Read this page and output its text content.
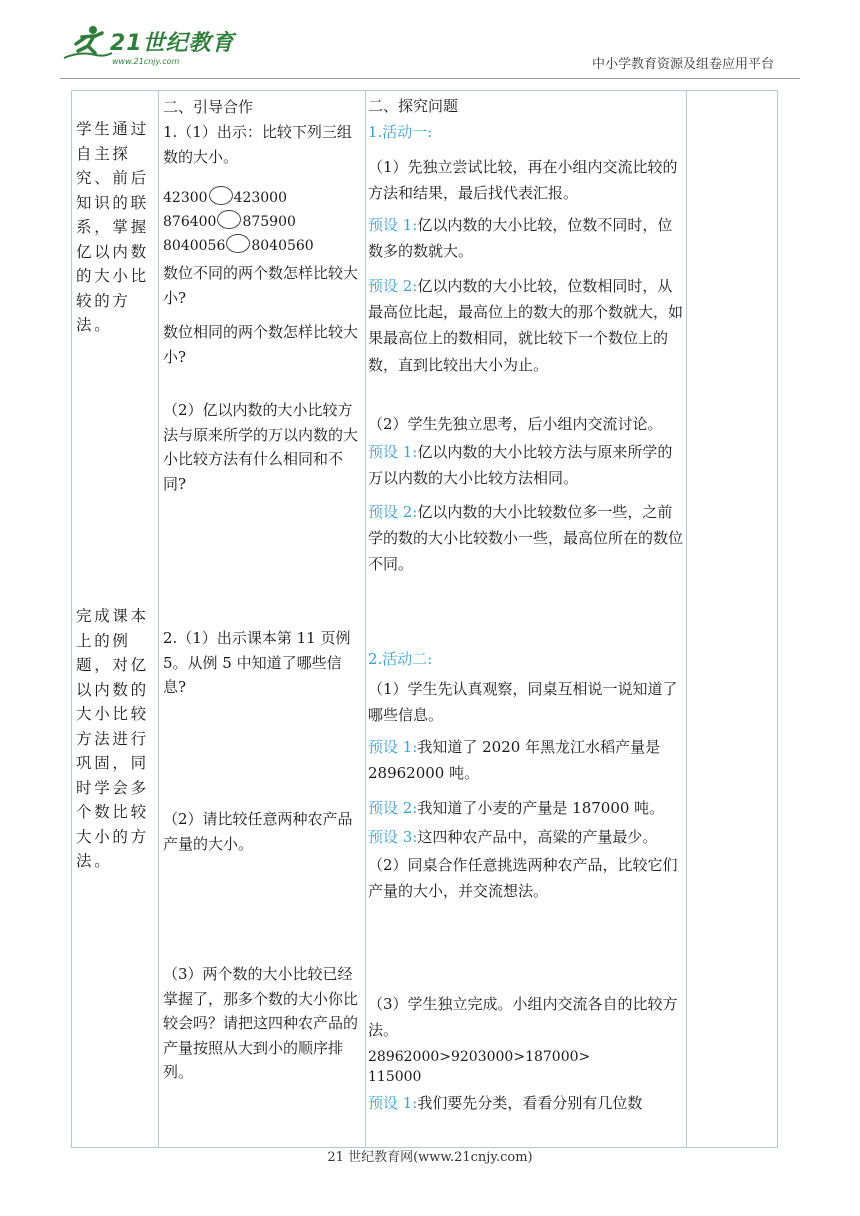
21世纪教育
www.21cnjy.com	中小学教育资源及组卷应用平台
学生通过自主探究、前后知识的联系，掌握亿以内数的大小比较的方法。
完成课本上的例题，对亿以内数的大小比较方法进行巩固，同时学会多个数比较大小的方法。

二、引导合作

1.（1）出示：比较下列三组数的大小。

42300 423000

876400 875900

8040056 8040560

数位不同的两个数怎样比较大小?

数位相同的两个数怎样比较大小?

（2）亿以内数的大小比较方法与原来所学的万以内数的大小比较方法有什么相同和不同?

2.（1）出示课本第 11 页例 5。从例 5 中知道了哪些信息?

（2）请比较任意两种农产品产量的大小。

（3）两个数的大小比较已经掌握了，那多个数的大小你比较会吗？请把这四种农产品的产量按照从大到小的顺序排列。

二、探究问题

1.活动一:

（1）先独立尝试比较，再在小组内交流比较的方法和结果，最后找代表汇报。

预设 1:亿以内数的大小比较，位数不同时，位数多的数就大。

预设 2:亿以内数的大小比较，位数相同时，从最高位比起，最高位上的数大的那个数就大，如果最高位上的数相同，就比较下一个数位上的数，直到比较出大小为止。

（2）学生先独立思考，后小组内交流讨论。

预设 1:亿以内数的大小比较方法与原来所学的万以内数的大小比较方法相同。

预设 2:亿以内数的大小比较数位多一些，之前学的数的大小比较数小一些，最高位所在的数位不同。

2.活动二:

（1）学生先认真观察，同桌互相说一说知道了哪些信息。

预设 1:我知道了 2020 年黑龙江水稻产量是 28962000 吨。

预设 2:我知道了小麦的产量是 187000 吨。

预设 3:这四种农产品中，高粱的产量最少。

（2）同桌合作任意挑选两种农产品，比较它们产量的大小，并交流想法。

（3）学生独立完成。小组内交流各自的比较方法。

28962000>9203000>187000>

115000

预设 1:我们要先分类，看看分别有几位数

21 世纪教育网(www.21cnjy.com)
